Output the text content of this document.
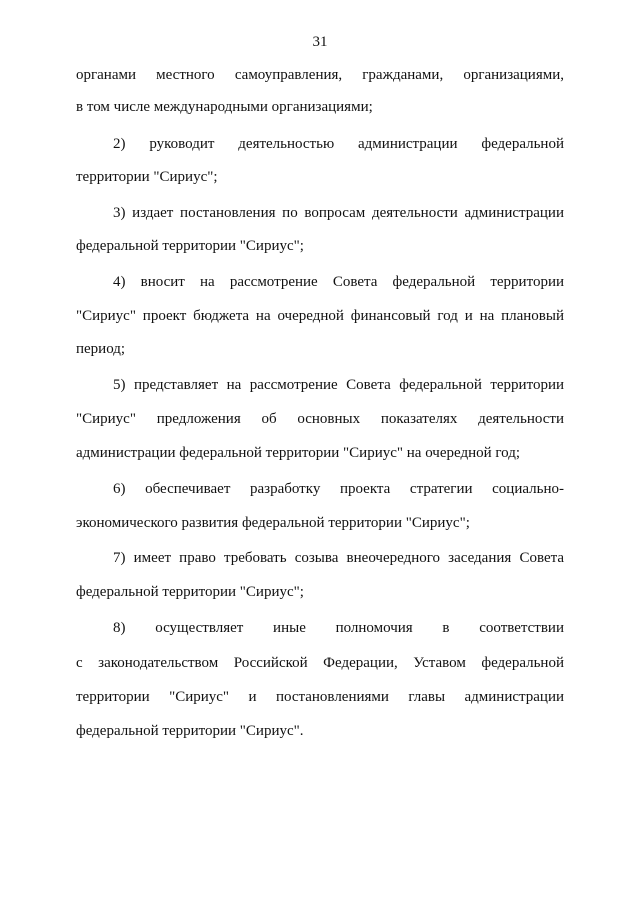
31
органами местного самоуправления, гражданами, организациями,
в том числе международными организациями;
2) руководит деятельностью администрации федеральной
территории "Сириус";
3) издает постановления по вопросам деятельности администрации
федеральной территории "Сириус";
4) вносит на рассмотрение Совета федеральной территории
"Сириус" проект бюджета на очередной финансовый год и на плановый
период;
5) представляет на рассмотрение Совета федеральной территории
"Сириус" предложения об основных показателях деятельности
администрации федеральной территории "Сириус" на очередной год;
6) обеспечивает разработку проекта стратегии социально-
экономического развития федеральной территории "Сириус";
7) имеет право требовать созыва внеочередного заседания Совета
федеральной территории "Сириус";
8) осуществляет иные полномочия в соответствии
с законодательством Российской Федерации, Уставом федеральной
территории "Сириус" и постановлениями главы администрации
федеральной территории "Сириус".
